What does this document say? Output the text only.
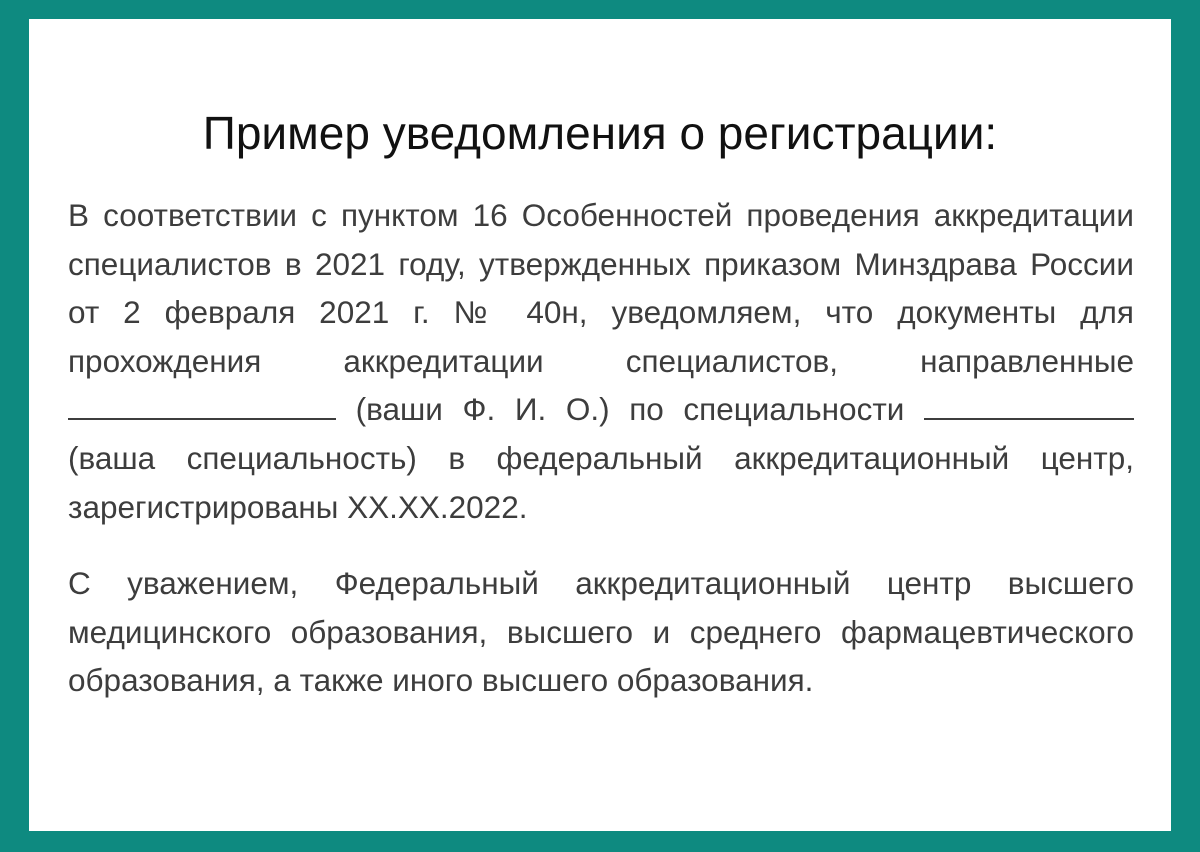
Пример уведомления о регистрации:

В соответствии с пунктом 16 Особенностей проведения аккредитации специалистов в 2021 году, утвержденных приказом Минздрава России от 2 февраля 2021 г. № 40н, уведомляем, что документы для прохождения аккредитации специалистов, направленные  (ваши Ф. И. О.) по специальности  (ваша специальность) в федеральный аккредитационный центр, зарегистрированы XX.XX.2022.

С уважением, Федеральный аккредитационный центр высшего медицинского образования, высшего и среднего фармацевтического образования, а также иного высшего образования.
